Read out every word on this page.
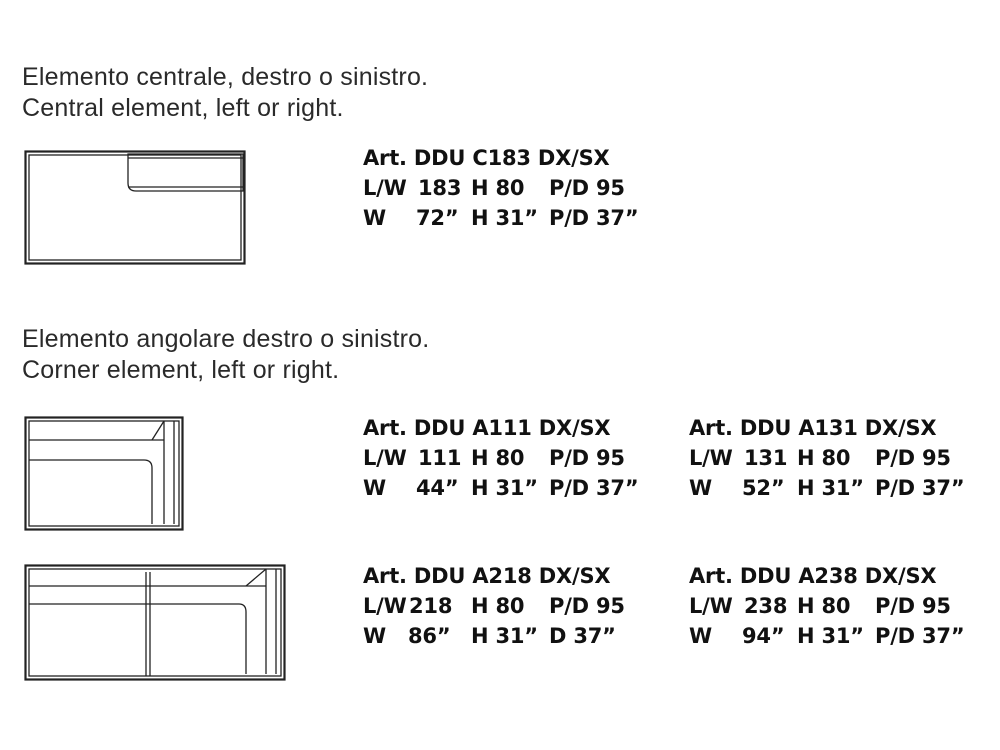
Elemento centrale, destro o sinistro.
Central element, left or right.
Art. DDU C183 DX/SX
L/W 183 H 80 P/D 95
W 72” H 31” P/D 37”
Elemento angolare destro o sinistro.
Corner element, left or right.
Art. DDU A111 DX/SX
L/W 111 H 80 P/D 95
W 44” H 31” P/D 37”
Art. DDU A131 DX/SX
L/W 131 H 80 P/D 95
W 52” H 31” P/D 37”
Art. DDU A218 DX/SX
L/W 218 H 80 P/D 95
W 86” H 31” D 37”
Art. DDU A238 DX/SX
L/W 238 H 80 P/D 95
W 94” H 31” P/D 37”
